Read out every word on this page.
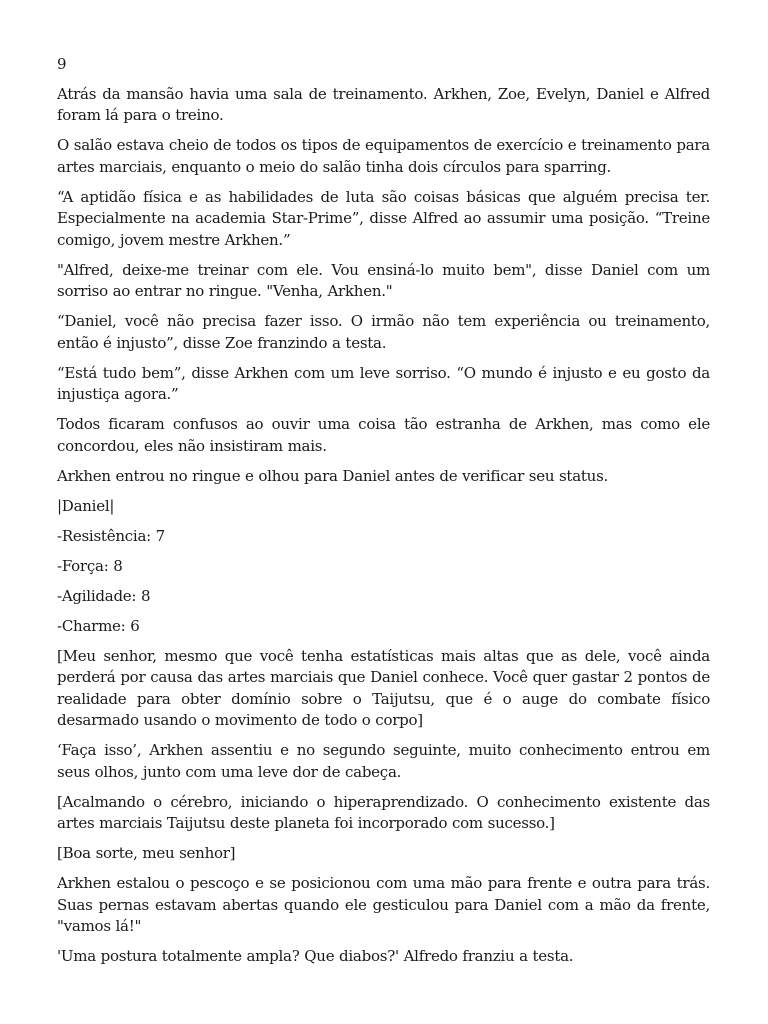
9

Atrás da mansão havia uma sala de treinamento. Arkhen, Zoe, Evelyn, Daniel e Alfred foram lá para o treino.

O salão estava cheio de todos os tipos de equipamentos de exercício e treinamento para artes marciais, enquanto o meio do salão tinha dois círculos para sparring.

“A aptidão física e as habilidades de luta são coisas básicas que alguém precisa ter. Especialmente na academia Star-Prime”, disse Alfred ao assumir uma posição. “Treine comigo, jovem mestre Arkhen.”

"Alfred, deixe-me treinar com ele. Vou ensiná-lo muito bem", disse Daniel com um sorriso ao entrar no ringue. "Venha, Arkhen."

“Daniel, você não precisa fazer isso. O irmão não tem experiência ou treinamento, então é injusto”, disse Zoe franzindo a testa.

“Está tudo bem”, disse Arkhen com um leve sorriso. “O mundo é injusto e eu gosto da injustiça agora.”

Todos ficaram confusos ao ouvir uma coisa tão estranha de Arkhen, mas como ele concordou, eles não insistiram mais.

Arkhen entrou no ringue e olhou para Daniel antes de verificar seu status.

|Daniel|

-Resistência: 7

-Força: 8

-Agilidade: 8

-Charme: 6

[Meu senhor, mesmo que você tenha estatísticas mais altas que as dele, você ainda perderá por causa das artes marciais que Daniel conhece. Você quer gastar 2 pontos de realidade para obter domínio sobre o Taijutsu, que é o auge do combate físico desarmado usando o movimento de todo o corpo]

‘Faça isso’, Arkhen assentiu e no segundo seguinte, muito conhecimento entrou em seus olhos, junto com uma leve dor de cabeça.

[Acalmando o cérebro, iniciando o hiperaprendizado. O conhecimento existente das artes marciais Taijutsu deste planeta foi incorporado com sucesso.]

[Boa sorte, meu senhor]

Arkhen estalou o pescoço e se posicionou com uma mão para frente e outra para trás. Suas pernas estavam abertas quando ele gesticulou para Daniel com a mão da frente, "vamos lá!"

'Uma postura totalmente ampla? Que diabos?' Alfredo franziu a testa.
